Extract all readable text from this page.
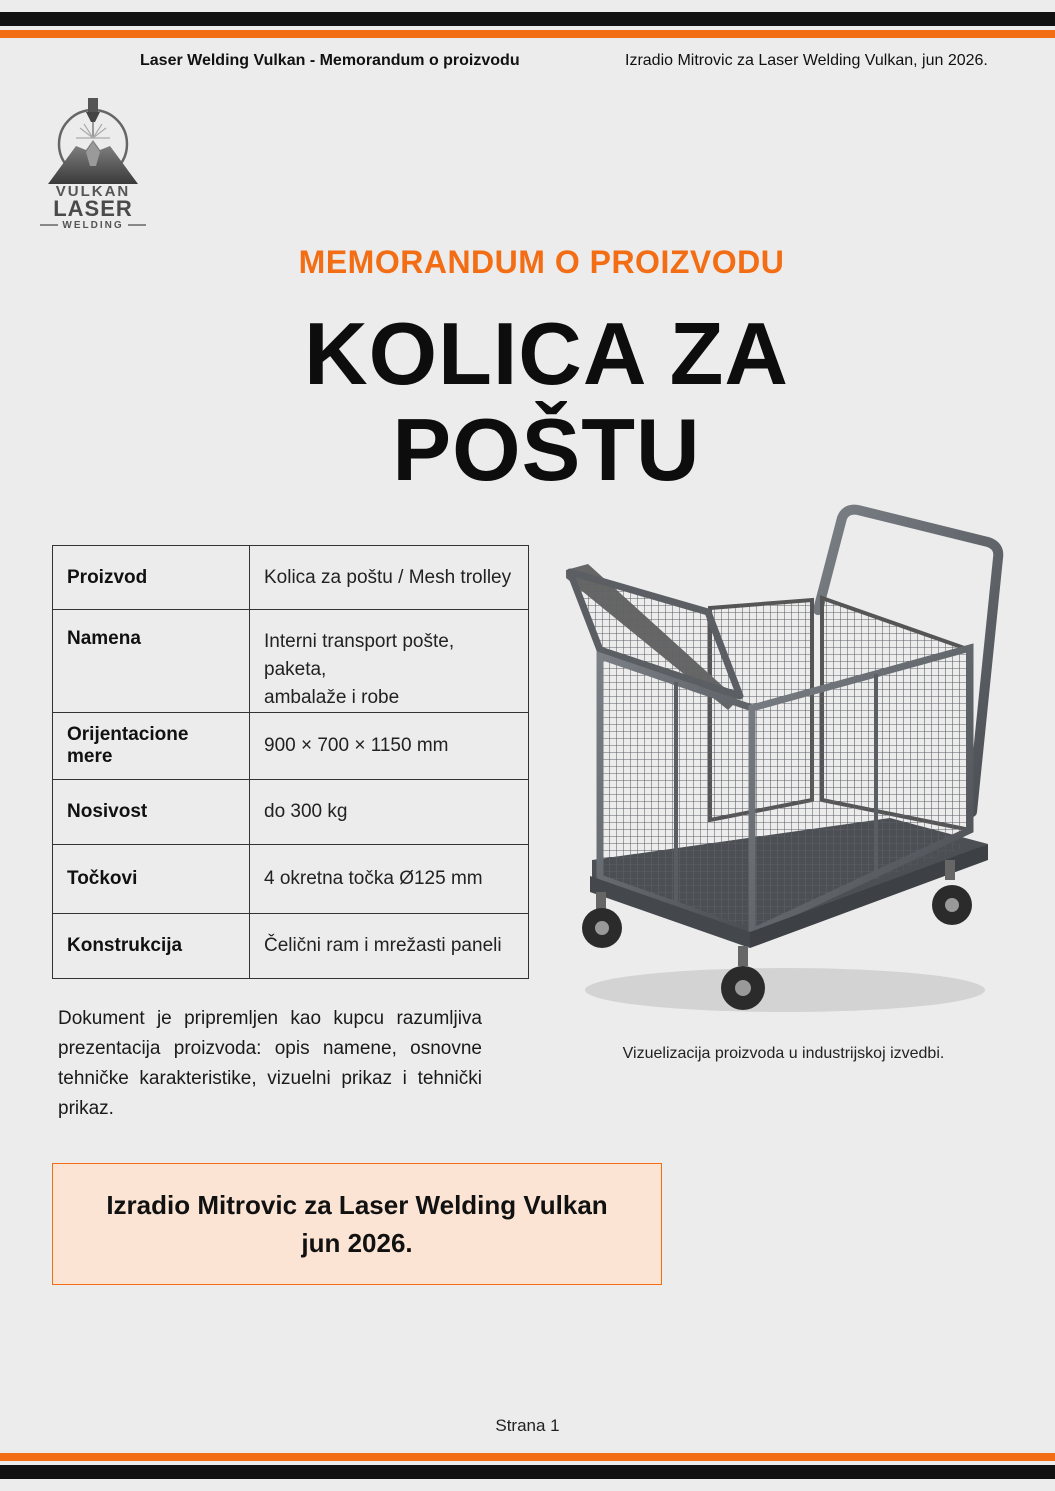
Laser Welding Vulkan - Memorandum o proizvodu	Izradio Mitrovic za Laser Welding Vulkan, jun 2026.
VULKAN
LASER
WELDING
MEMORANDUM O PROIZVODU
KOLICA ZA
POŠTU
Proizvod	Kolica za poštu / Mesh trolley

Namena	Interni transport pošte, paketa,
ambalaže i robe

Orijentacione mere	900 × 700 × 1150 mm

Nosivost	do 300 kg

Točkovi	4 okretna točka Ø125 mm

Konstrukcija	Čelični ram i mrežasti paneli
Dokument je pripremljen kao kupcu razumljiva prezentacija proizvoda: opis namene, osnovne tehničke karakteristike, vizuelni prikaz i tehnički prikaz.
Vizuelizacija proizvoda u industrijskoj izvedbi.
Izradio Mitrovic za Laser Welding Vulkan
jun 2026.
Strana 1
